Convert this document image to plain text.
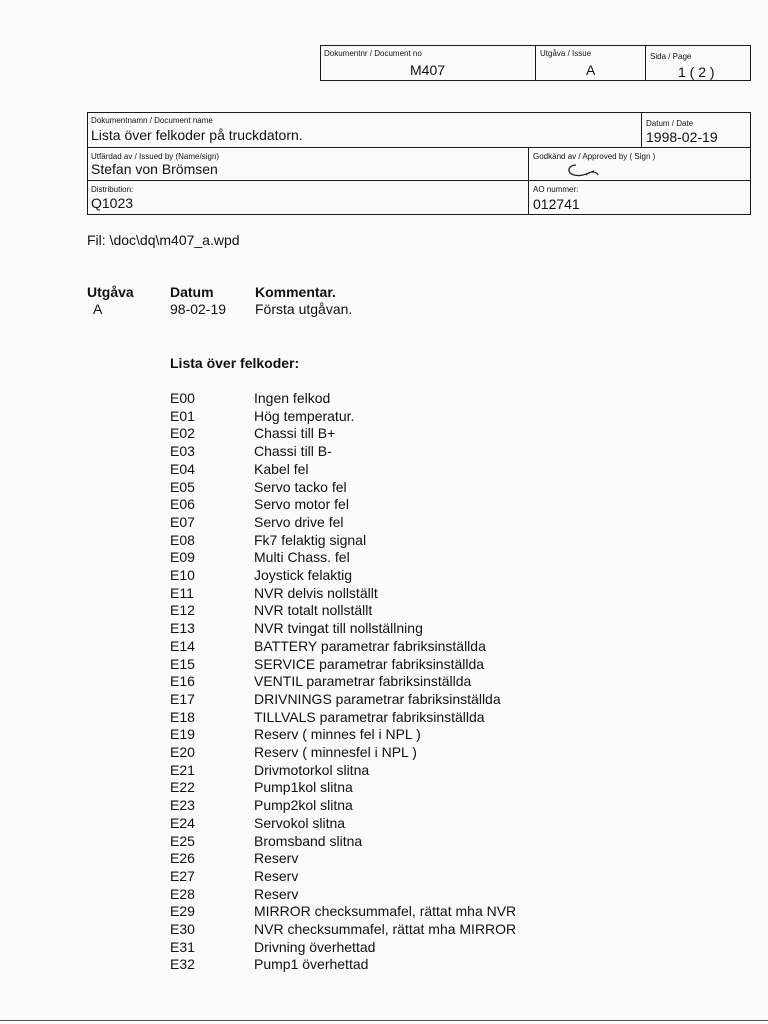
Dokumentnr / Document no
M407
Utgåva / Issue
A
Sida / Page
1 ( 2 )
Dokumentnamn / Document name
Lista över felkoder på truckdatorn.
Datum / Date
1998-02-19
Utfärdad av / Issued by (Name/sign)
Stefan von Brömsen
Godkänd av / Approved by ( Sign )
Distribution:
Q1023
AO nummer:
012741
Fil: \doc\dq\m407_a.wpd
Utgåva	Datum	Kommentar.
A	98-02-19 Första utgåvan.
Lista över felkoder:
E00	Ingen felkod
E01	Hög temperatur.
E02	Chassi till B+
E03	Chassi till B-
E04	Kabel fel
E05	Servo tacko fel
E06	Servo motor fel
E07	Servo drive fel
E08	Fk7 felaktig signal
E09	Multi Chass. fel
E10	Joystick felaktig
E11	NVR delvis nollställt
E12	NVR totalt nollställt
E13	NVR tvingat till nollställning
E14	BATTERY parametrar fabriksinställda
E15	SERVICE parametrar fabriksinställda
E16	VENTIL parametrar fabriksinställda
E17	DRIVNINGS parametrar fabriksinställda
E18	TILLVALS parametrar fabriksinställda
E19	Reserv ( minnes fel i NPL )
E20	Reserv ( minnesfel i NPL )
E21	Drivmotorkol slitna
E22	Pump1kol slitna
E23	Pump2kol slitna
E24	Servokol slitna
E25	Bromsband slitna
E26	Reserv
E27	Reserv
E28	Reserv
E29	MIRROR checksummafel, rättat mha NVR
E30	NVR checksummafel, rättat mha MIRROR
E31	Drivning överhettad
E32	Pump1 överhettad
